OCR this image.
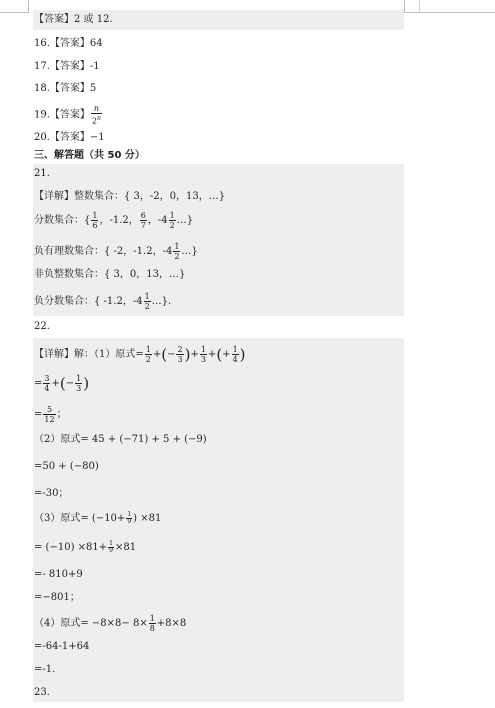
【答案】2 或 12.
16.【答案】64
17.【答案】-1
18.【答案】5
19.【答案】 $\frac{n}{2^n}$
20.【答案】−1
三、解答题（共 50 分）
21.
【详解】整数集合：{ 3，-2，0，13，…}
分数集合：{ $\frac{1}{6}$ ，-1.2， $\frac{6}{7}$ ，$-4 \frac{1}{2}$ …}
负有理数集合：{ -2，-1.2，$-4 \frac{1}{2}$ …}
非负整数集合：{ 3，0，13，…}
负分数集合：{ -1.2，$-4 \frac{1}{2}$ …}.
22.
【详解】解：（1）原式= $\frac{1}{2}$ +(− $\frac{2}{3}$ )+ $\frac{1}{3}$ +(+ $\frac{1}{4}$ )
= $\frac{3}{4}$ +(− $\frac{1}{3}$ )
= $\frac{5}{12}$ ；
（2）原式= 45 + (−71) + 5 + (−9)
=50 + (−80)
=-30；
（3）原式= ($-10+ \frac{1}{9}$ ) ×81
= $(-10) \times 81+ \frac{1}{9} \times 81$
=- 810+9
=−801；
（4）原式= $-8\times 8- 8\times \frac{1}{8} +8\times 8$
=-64-1+64
=-1.
23.
